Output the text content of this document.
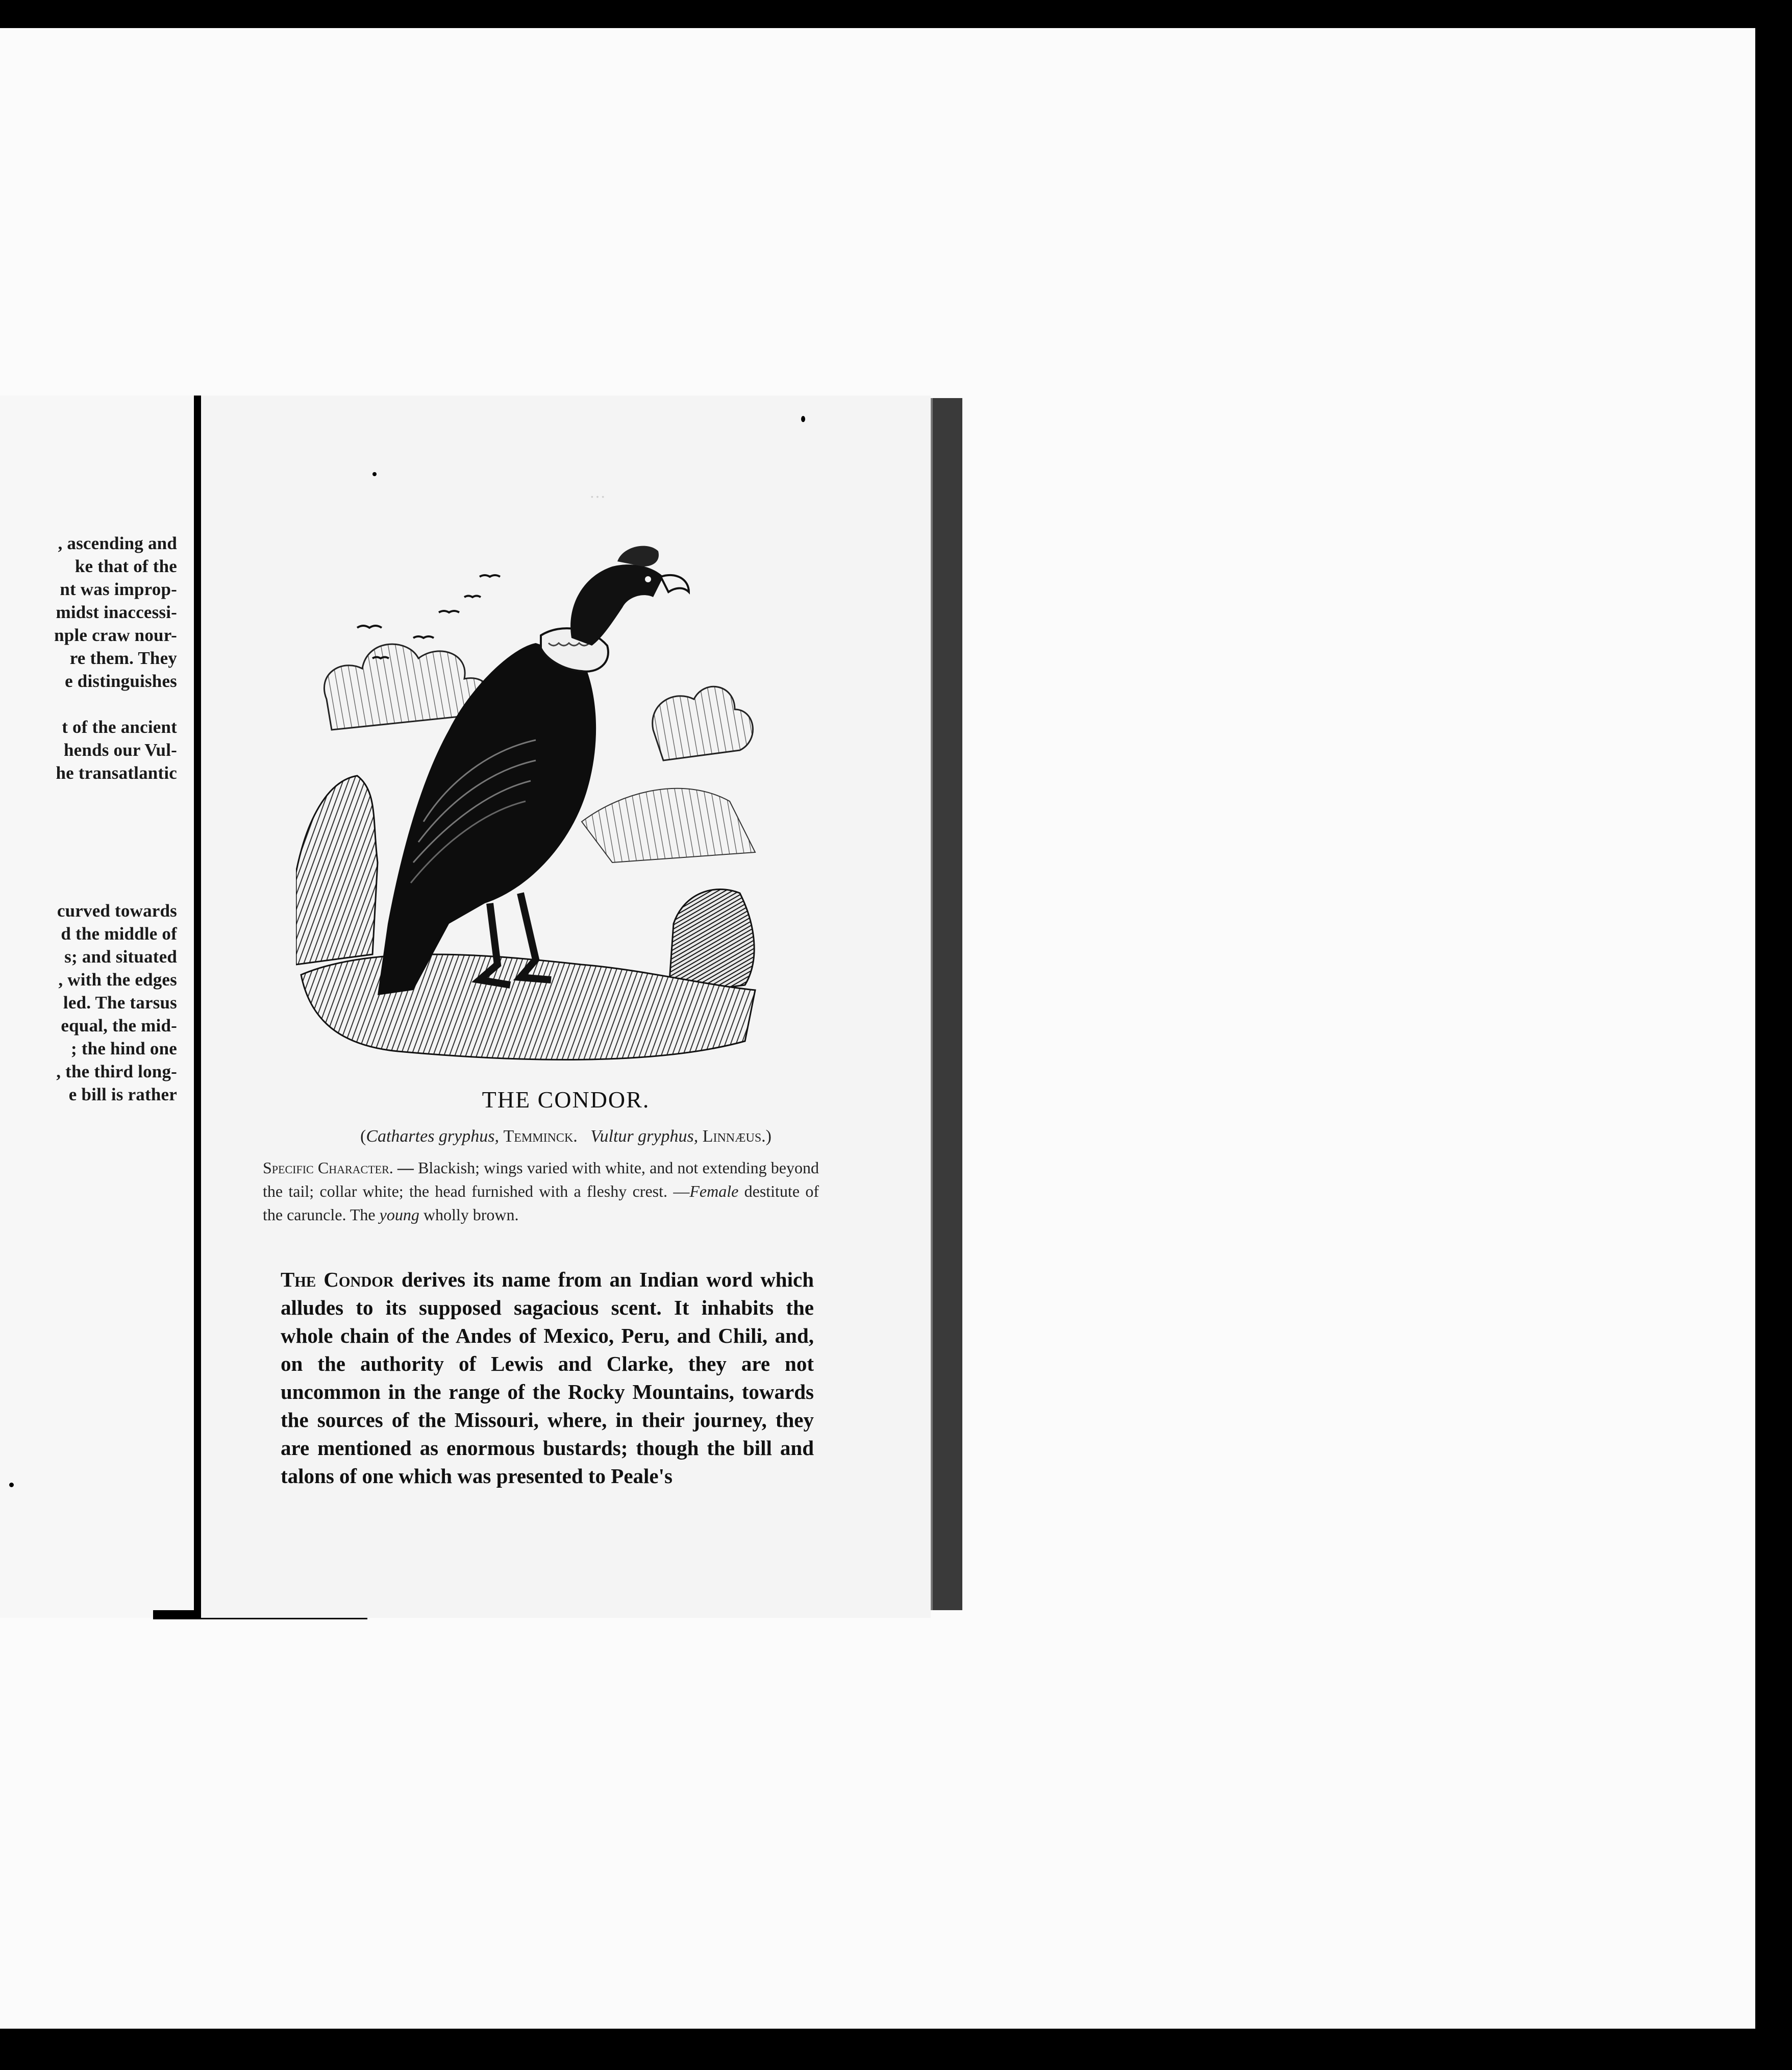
, ascending and
ke that of the
nt was improp-
midst inaccessi-
nple craw nour-
re them. They
e distinguishes
t of the ancient
hends our Vul-
he transatlantic
curved towards
d the middle of
s; and situated
, with the edges
led. The tarsus
equal, the mid-
; the hind one
, the third long-
e bill is rather
···
THE CONDOR.
(Cathartes gryphus, Temminck. Vultur gryphus, Linnæus.)
Specific Character. — Blackish; wings varied with white, and not extending beyond the tail; collar white; the head furnished with a fleshy crest. —Female destitute of the caruncle. The young wholly brown.
The Condor derives its name from an Indian word which alludes to its supposed sagacious scent. It inhabits the whole chain of the Andes of Mexico, Peru, and Chili, and, on the authority of Lewis and Clarke, they are not uncommon in the range of the Rocky Mountains, towards the sources of the Missouri, where, in their journey, they are mentioned as enormous bustards; though the bill and talons of one which was presented to Peale's
